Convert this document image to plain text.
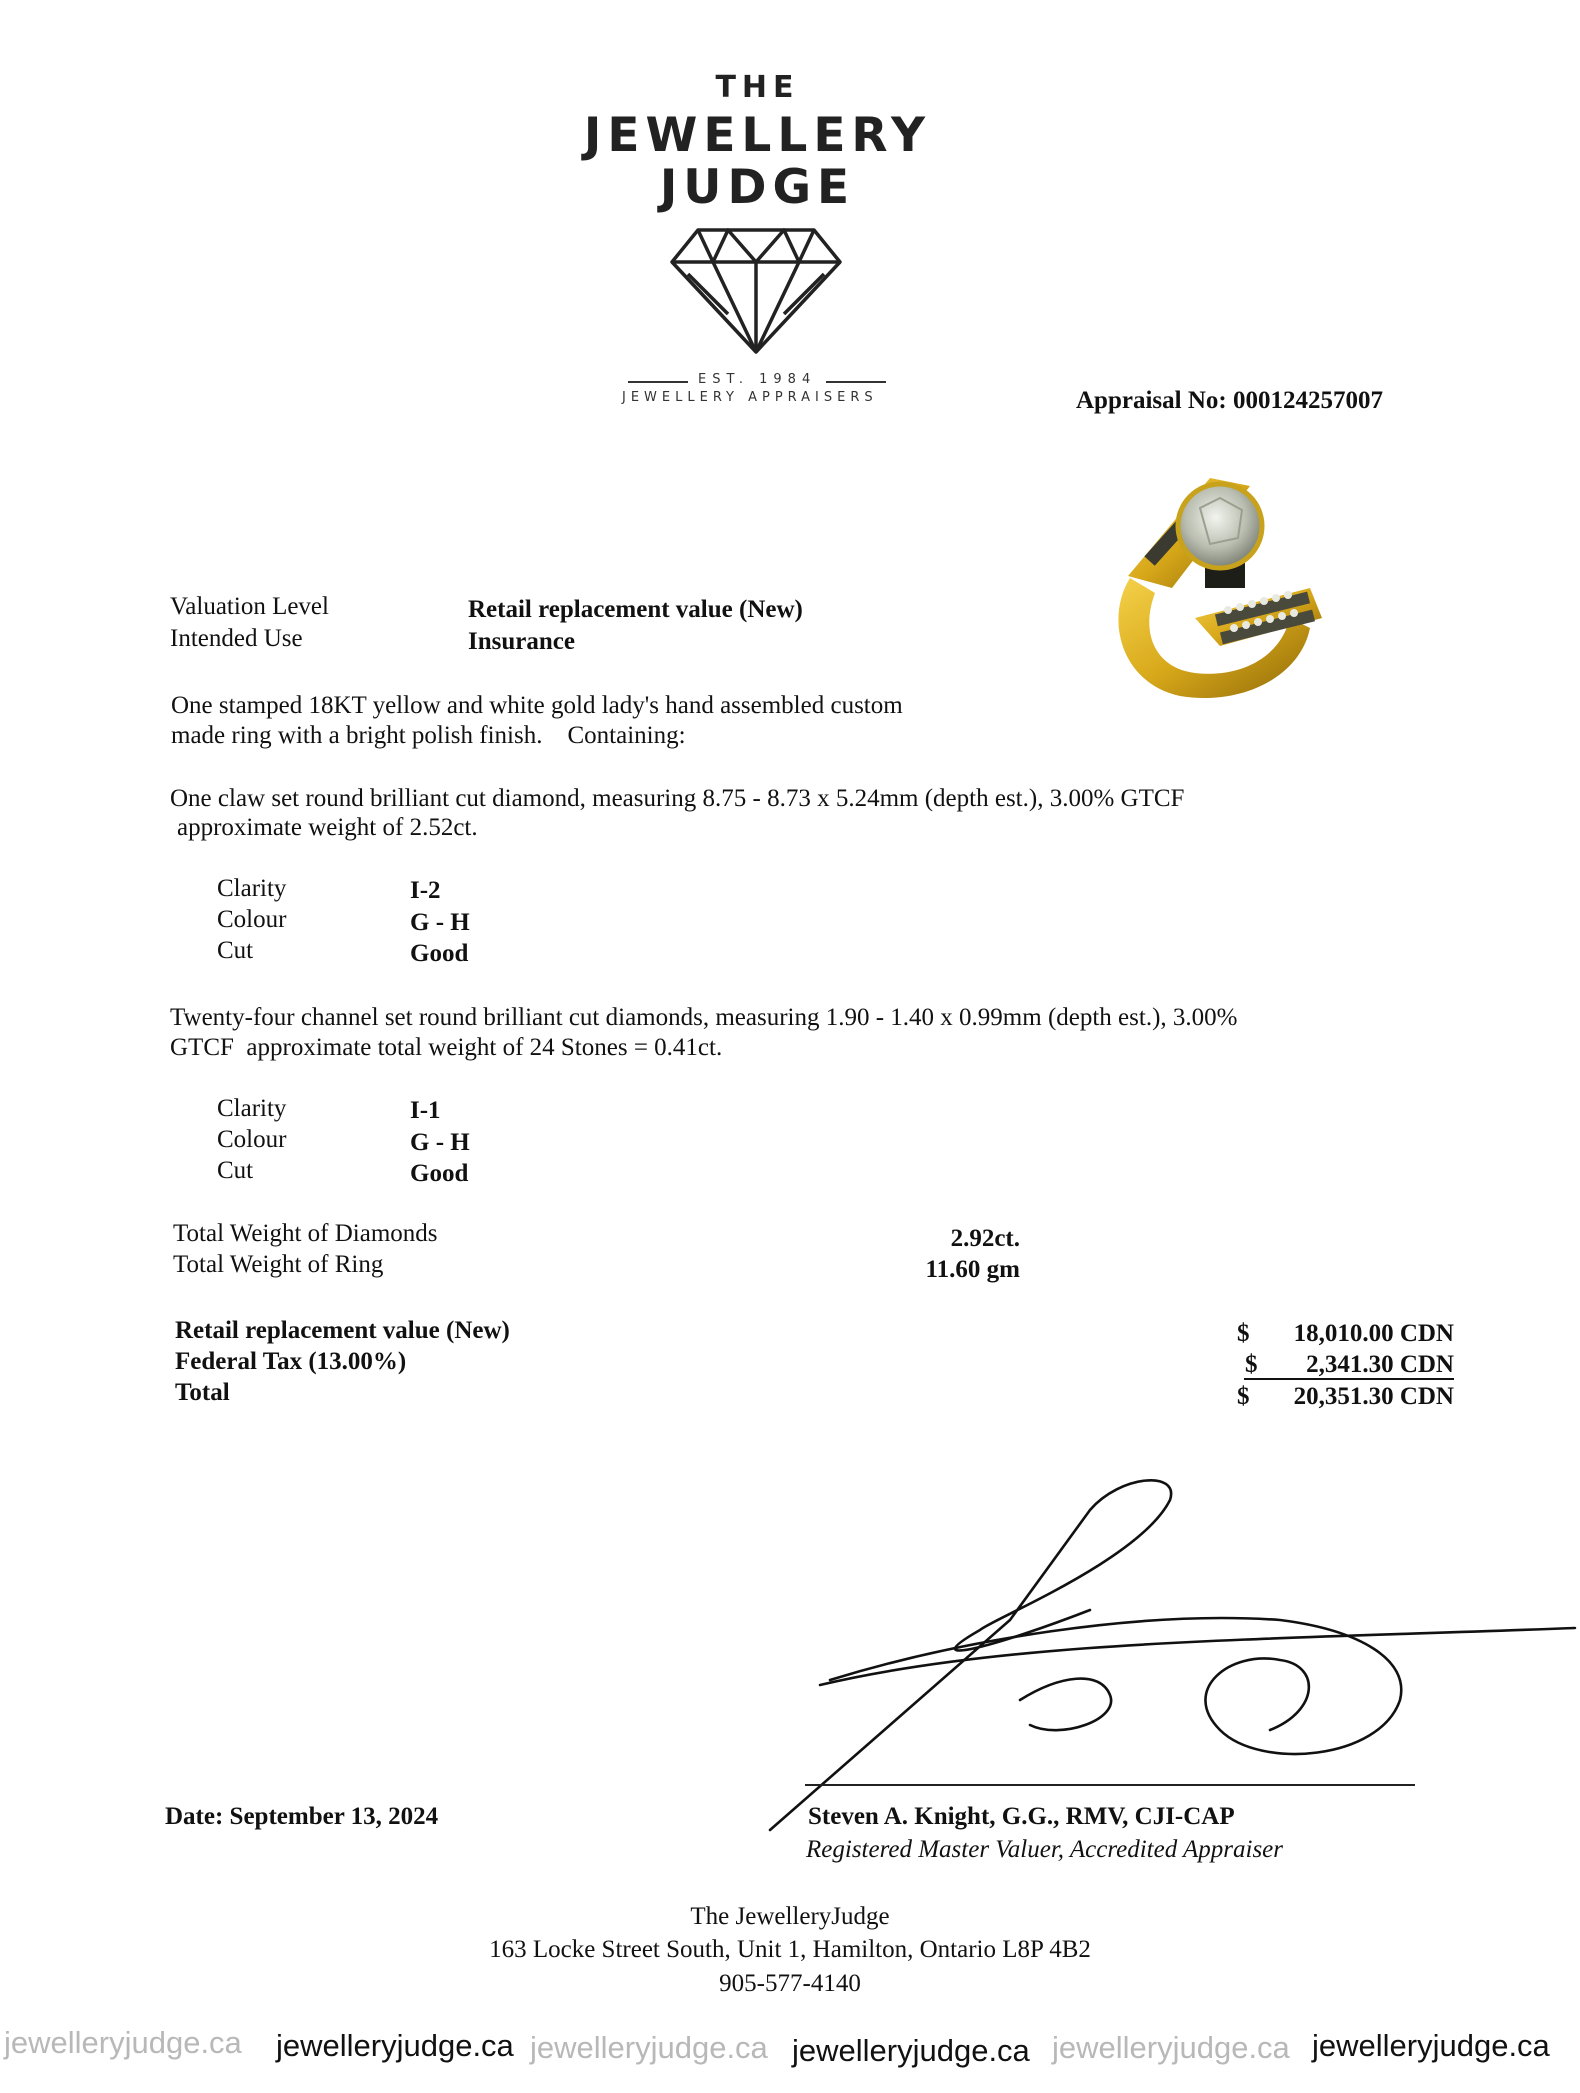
THE
JEWELLERY
JUDGE
EST. 1984
JEWELLERY APPRAISERS	Appraisal No: 000124257007
Valuation Level	Retail replacement value (New)
Intended Use	Insurance
One stamped 18KT yellow and white gold lady's hand assembled custom
made ring with a bright polish finish.    Containing:
One claw set round brilliant cut diamond, measuring 8.75 - 8.73 x 5.24mm (depth est.), 3.00% GTCF
approximate weight of 2.52ct.
Clarity	I-2
Colour	G - H
Cut	Good
Twenty-four channel set round brilliant cut diamonds, measuring 1.90 - 1.40 x 0.99mm (depth est.), 3.00%
GTCF  approximate total weight of 24 Stones = 0.41ct.
Clarity	I-1
Colour	G - H
Cut	Good
Total Weight of Diamonds	2.92ct.
Total Weight of Ring	11.60 gm
Retail replacement value (New)	$	18,010.00 CDN
Federal Tax (13.00%)	$	2,341.30 CDN
Total	$	20,351.30 CDN
Date: September 13, 2024	Steven A. Knight, G.G., RMV, CJI-CAP
Registered Master Valuer, Accredited Appraiser
The JewelleryJudge
163 Locke Street South, Unit 1, Hamilton, Ontario L8P 4B2
905-577-4140
jewelleryjudge.ca jewelleryjudge.ca jewelleryjudge.ca jewelleryjudge.ca jewelleryjudge.ca jewelleryjudge.ca
